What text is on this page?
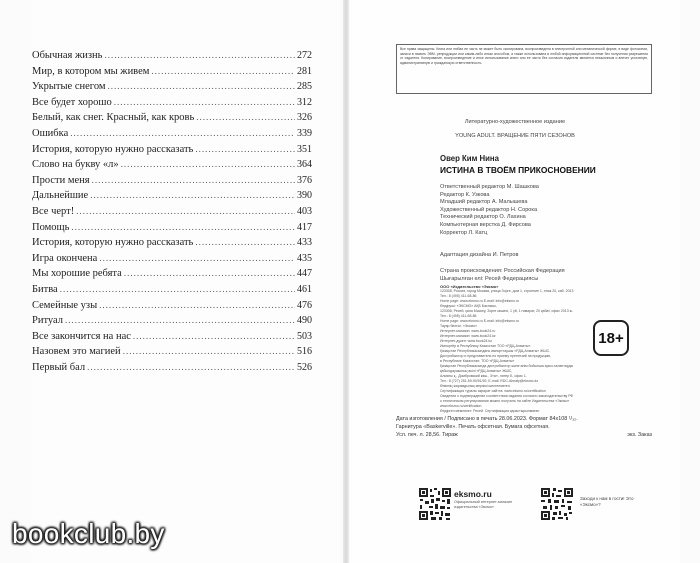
Обычная жизнь .....	272
Мир, в котором мы живем .....	281
Укрытые снегом .....	285
Все будет хорошо .....	312
Белый, как снег. Красный, как кровь .....	326
Ошибка .....	339
История, которую нужно рассказать .....	351
Слово на букву «л» .....	364
Прости меня .....	376
Дальнейшие .....	390
Все черт! .....	403
Помощь .....	417
История, которую нужно рассказать .....	433
Игра окончена .....	435
Мы хорошие ребята .....	447
Битва .....	461
Семейные узы .....	476
Ритуал .....	490
Все закончится на нас .....	503
Назовем это магией .....	516
Первый бал .....	526
Все права защищены. Книга или любая ее часть не может быть скопирована, воспроизведена в электронной или механической форме, в виде фотокопии, записи в память ЭВМ, репродукции или каким-либо иным способом, а также использована в любой информационной системе без получения разрешения от издателя. Копирование, воспроизведение и иное использование книги или ее части без согласия издателя является незаконным и влечет уголовную, административную и гражданскую ответственность.
Литературно-художественное издание
YOUNG ADULT. ВРАЩЕНИЕ ПЯТИ СЕЗОНОВ
Овер Ким Нина
ИСТИНА В ТВОЁМ ПРИКОСНОВЕНИИ
Ответственный редактор М. Шашкова
Редактор К. Узкова
Младший редактор А. Малышева
Художественный редактор Н. Сорока
Технический редактор О. Лахина
Компьютерная верстка Д. Фирсова
Корректор Л. Катц
Адаптация дизайна И. Петров
Страна происхождения: Российская Федерация
Шығарылған елі: Ресей Федерациясы
ООО «Издательство «Эксмо»
123308, Россия, город Москва, улица Зорге, дом 1, строение 1, этаж 20, каб. 2013
Тел.: 8 (495) 411-68-86
Home page: www.eksmo.ru E-mail: info@eksmo.ru
Өндіруші: «ЭКСМО» АҚБ Баспасы,
123308, Ресей, қала Мәскеу, Зорге көшесі, 1 үй, 1 ғимарат, 20 қабат, офис 2013 ж.
Тел.: 8 (495) 411-68-86
Home page: www.eksmo.ru E-mail: info@eksmo.ru
Тауар белгісі: «Эксмо»
Интернет-магазин: www.book24.ru
Интернет-магазин: www.book24.kz
Интернет-дүкен: www.book24.kz
Импортёр в Республику Казахстан ТОО «РДЦ-Алматы».
Қазақстан Республикасындағы импорттаушы «РДЦ-Алматы» ЖШС.
Дистрибьютор и представитель по приему претензий на продукцию,
в Республике Казахстан: ТОО «РДЦ-Алматы»
Қазақстан Республикасында дистрибьютор және өнім бойынша арыз-талаптарды
қабылдаушының өкілі «РДЦ-Алматы» ЖШС,
Алматы қ., Домбровский көш., 3«а», литер Б, офис 1.
Тел.: 8 (727) 251-59-90/91/92; E-mail: RDC-Almaty@eksmo.kz
Өнімнің жарамдылық мерзімі шектелмеген.
Сертификация туралы ақпарат сайтта: www.eksmo.ru/certification
Сведения о подтверждении соответствия издания согласно законодательству РФ
о техническом регулировании можно получить на сайте Издательства «Эксмо»
www.eksmo.ru/certification
Өндірген мемлекет: Ресей. Сертификация қарастырылмаған
18+
Дата изготовления / Подписано в печать 28.06.2023. Формат 84х108 ¹/₃₂.
Гарнитура «Baskerville». Печать офсетная. Бумага офсетная.
Усл. печ. л. 28,56. Тираж	экз. Заказ
eksmo.ru
Официальный интернет-магазин издательства «Эксмо»
Заходи к нам в гости! Это «Эксмо»?
bookclub.by
